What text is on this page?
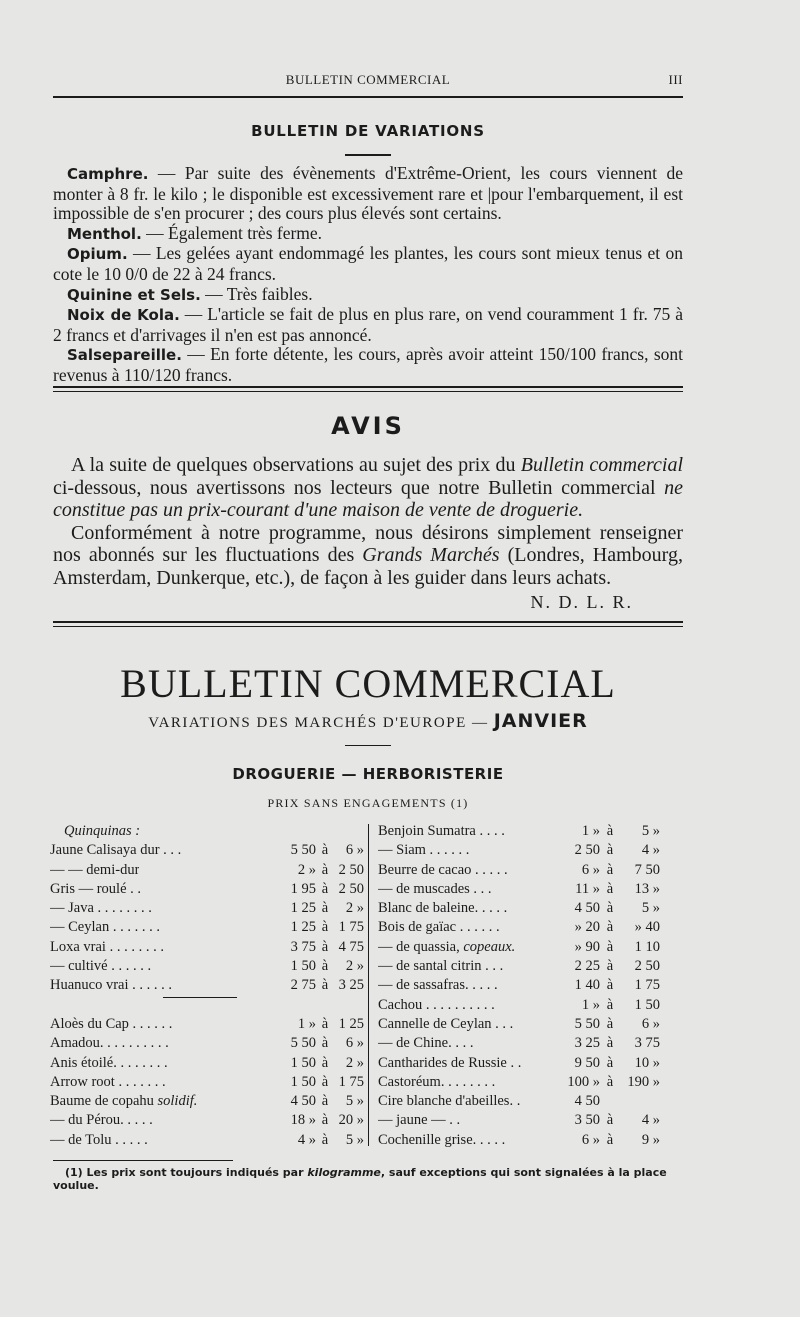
BULLETIN COMMERCIAL	III
BULLETIN DE VARIATIONS

Camphre. — Par suite des évènements d'Extrême-Orient, les cours viennent de monter à 8 fr. le kilo ; le disponible est excessivement rare et |pour l'embarquement, il est impossible de s'en procurer ; des cours plus élevés sont certains.

Menthol. — Également très ferme.

Opium. — Les gelées ayant endommagé les plantes, les cours sont mieux tenus et on cote le 10 0/0 de 22 à 24 francs.

Quinine et Sels. — Très faibles.

Noix de Kola. — L'article se fait de plus en plus rare, on vend couramment 1 fr. 75 à 2 francs et d'arrivages il n'en est pas annoncé.

Salsepareille. — En forte détente, les cours, après avoir atteint 150/100 francs, sont revenus à 110/120 francs.

AVIS

A la suite de quelques observations au sujet des prix du Bulletin commercial ci-dessous, nous avertissons nos lecteurs que notre Bulletin commercial ne constitue pas un prix-courant d'une maison de vente de droguerie.

Conformément à notre programme, nous désirons simplement renseigner nos abonnés sur les fluctuations des Grands Marchés (Londres, Hambourg, Amsterdam, Dunkerque, etc.), de façon à les guider dans leurs achats.

N. D. L. R.
BULLETIN COMMERCIAL
VARIATIONS DES MARCHÉS D'EUROPE — JANVIER
DROGUERIE — HERBORISTERIE
PRIX SANS ENGAGEMENTS (1)
Quinquinas :
Jaune Calisaya dur . . .	5 50 à	6 »
— — demi-dur	2 » à 2 50
Gris — roulé . .	1 95 à 2 50
— Java . . . . . . . .	1 25 à	2 »
— Ceylan . . . . . . .	1 25 à 1 75
Loxa vrai . . . . . . . .	3 75 à 4 75
— cultivé . . . . . .	1 50 à	2 »
Huanuco vrai . . . . . .	2 75 à 3 25
Aloès du Cap . . . . . .	1 » à 1 25
Amadou. . . . . . . . . .	5 50 à	6 »
Anis étoilé. . . . . . . .	1 50 à	2 »
Arrow root . . . . . . .	1 50 à 1 75
Baume de copahu solidif.	4 50 à	5 »
— du Pérou. . . . .	18 » à 20 »
— de Tolu . . . . .	4 » à	5 »
Benjoin Sumatra . . . .	1 » à	5 »
— Siam . . . . . .	2 50 à	4 »
Beurre de cacao . . . . .	6 » à	7 50
— de muscades . . .	11 » à	13 »
Blanc de baleine. . . . .	4 50 à	5 »
Bois de gaïac . . . . . .	» 20 à	» 40
— de quassia, copeaux.	» 90 à	1 10
— de santal citrin . . .	2 25 à	2 50
— de sassafras. . . . .	1 40 à	1 75
Cachou . . . . . . . . . .	1 » à	1 50
Cannelle de Ceylan . . .	5 50 à	6 »
— de Chine. . . .	3 25 à	3 75
Cantharides de Russie . .	9 50 à	10 »
Castoréum. . . . . . . .	100 » à 190 »
Cire blanche d'abeilles. .	4 50
— jaune — . .	3 50 à	4 »
Cochenille grise. . . . .	6 » à	9 »
(1) Les prix sont toujours indiqués par kilogramme, sauf exceptions qui sont signalées à la place voulue.
